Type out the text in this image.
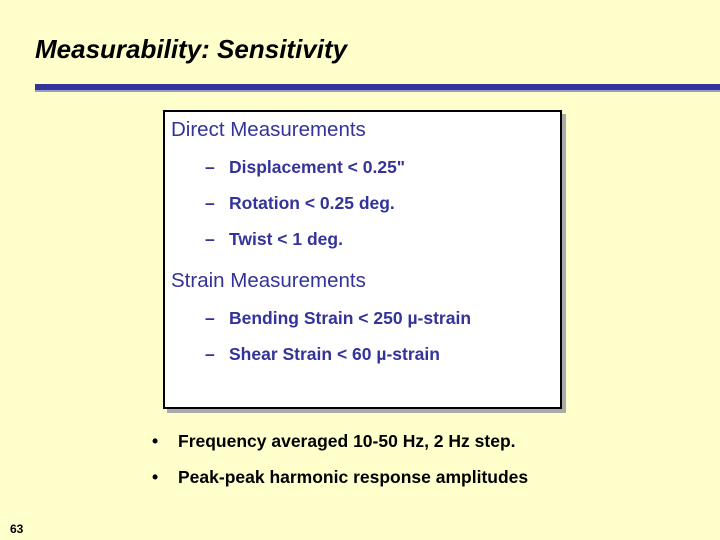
Measurability: Sensitivity
Direct Measurements
– Displacement < 0.25"
– Rotation < 0.25 deg.
– Twist < 1 deg.
Strain Measurements
– Bending Strain < 250 µ-strain
– Shear Strain < 60 µ-strain
• Frequency averaged 10-50 Hz, 2 Hz step.
• Peak-peak harmonic response amplitudes
63
